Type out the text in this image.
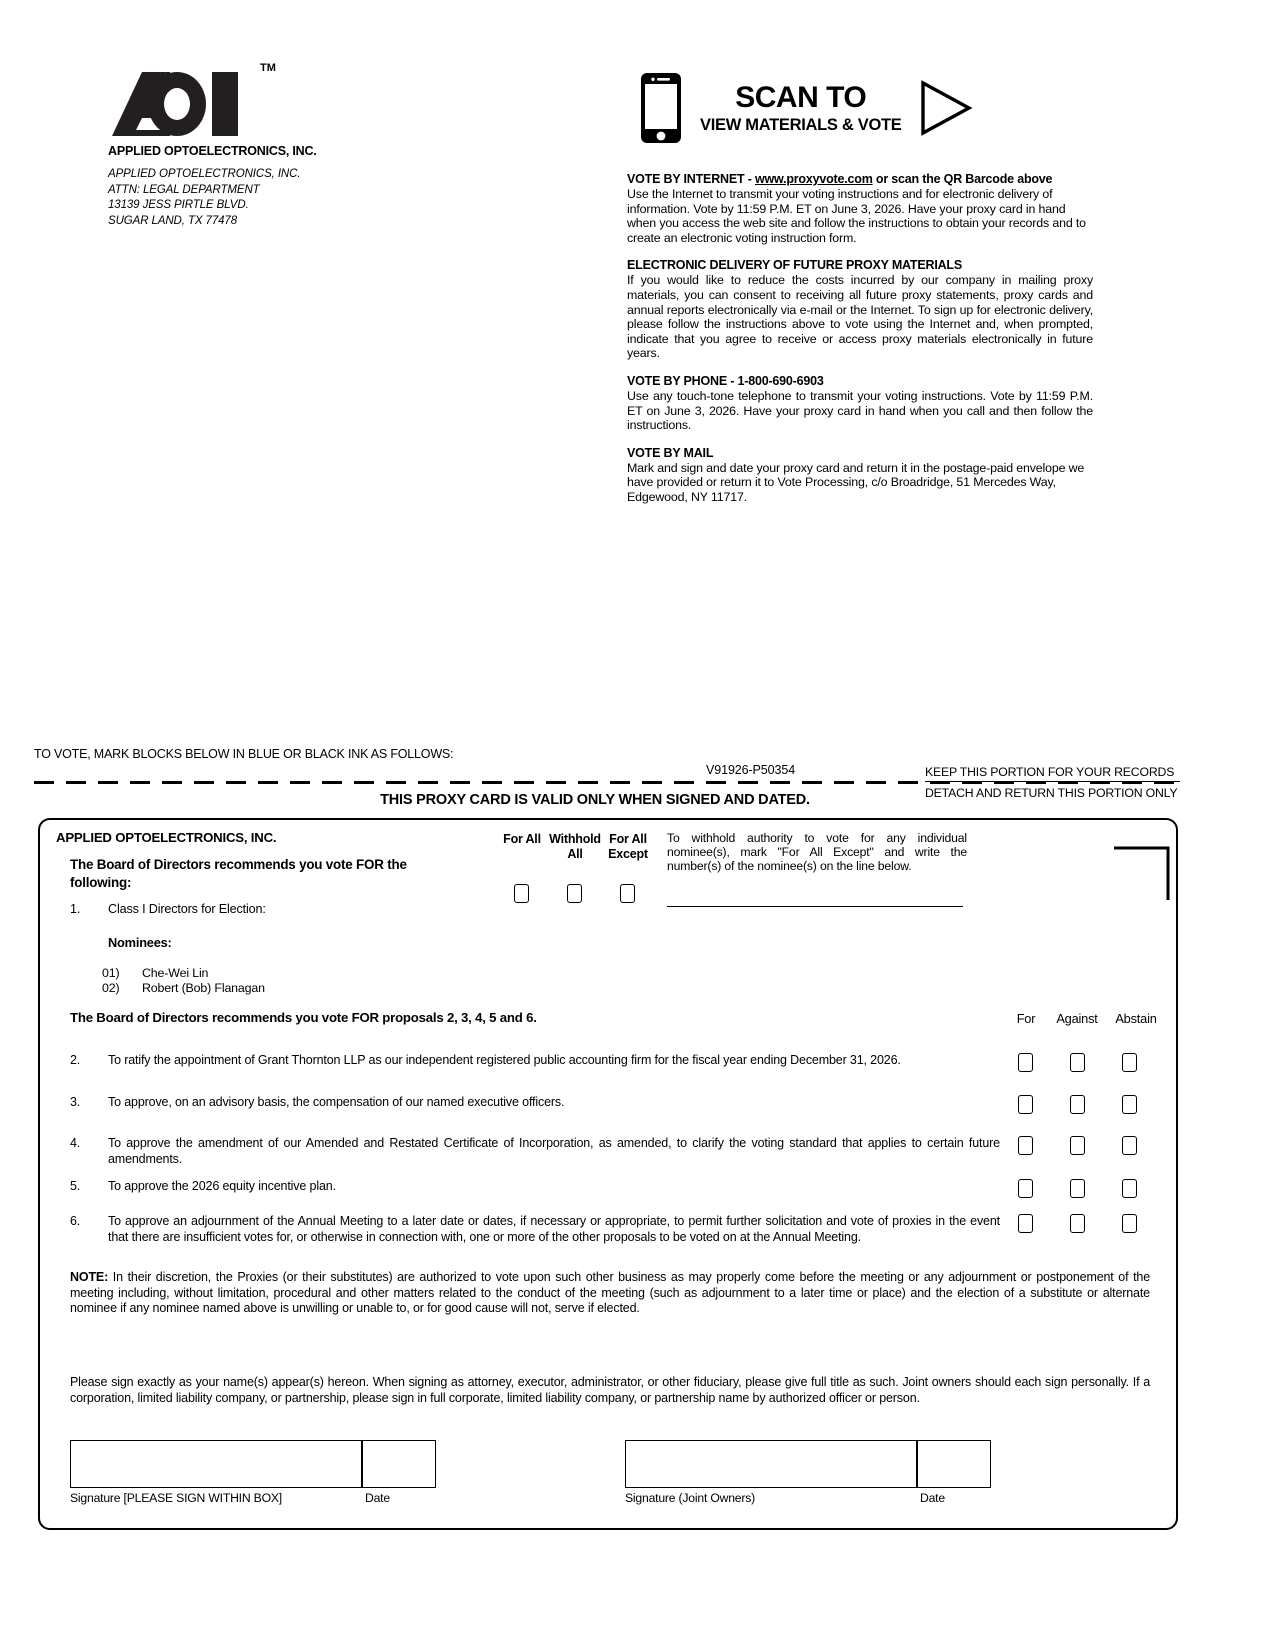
TM
APPLIED OPTOELECTRONICS, INC.
APPLIED OPTOELECTRONICS, INC.
ATTN: LEGAL DEPARTMENT
13139 JESS PIRTLE BLVD.
SUGAR LAND, TX 77478
SCAN TO
VIEW MATERIALS & VOTE
VOTE BY INTERNET - www.proxyvote.com or scan the QR Barcode above

Use the Internet to transmit your voting instructions and for electronic delivery of information. Vote by 11:59 P.M. ET on June 3, 2026. Have your proxy card in hand when you access the web site and follow the instructions to obtain your records and to create an electronic voting instruction form.

ELECTRONIC DELIVERY OF FUTURE PROXY MATERIALS

If you would like to reduce the costs incurred by our company in mailing proxy materials, you can consent to receiving all future proxy statements, proxy cards and annual reports electronically via e-mail or the Internet. To sign up for electronic delivery, please follow the instructions above to vote using the Internet and, when prompted, indicate that you agree to receive or access proxy materials electronically in future years.

VOTE BY PHONE - 1-800-690-6903

Use any touch-tone telephone to transmit your voting instructions. Vote by 11:59 P.M. ET on June 3, 2026. Have your proxy card in hand when you call and then follow the instructions.

VOTE BY MAIL

Mark and sign and date your proxy card and return it in the postage-paid envelope we have provided or return it to Vote Processing, c/o Broadridge, 51 Mercedes Way, Edgewood, NY 11717.

TO VOTE, MARK BLOCKS BELOW IN BLUE OR BLACK INK AS FOLLOWS:
V91926-P50354	KEEP THIS PORTION FOR YOUR RECORDS
DETACH AND RETURN THIS PORTION ONLY
THIS PROXY CARD IS VALID ONLY WHEN SIGNED AND DATED.
APPLIED OPTOELECTRONICS, INC.
The Board of Directors recommends you vote FOR the following:
For All Withhold All
For All Except
1. Class I Directors for Election:
Nominees:
01) Che-Wei Lin
02) Robert (Bob) Flanagan
To withhold authority to vote for any individual nominee(s), mark "For All Except" and write the number(s) of the nominee(s) on the line below.
The Board of Directors recommends you vote FOR proposals 2, 3, 4, 5 and 6.	For	Against	Abstain
2. To ratify the appointment of Grant Thornton LLP as our independent registered public accounting firm for the fiscal year ending December 31, 2026.
3. To approve, on an advisory basis, the compensation of our named executive officers.
4. To approve the amendment of our Amended and Restated Certificate of Incorporation, as amended, to clarify the voting standard that applies to certain future amendments.
5. To approve the 2026 equity incentive plan.
6. To approve an adjournment of the Annual Meeting to a later date or dates, if necessary or appropriate, to permit further solicitation and vote of proxies in the event that there are insufficient votes for, or otherwise in connection with, one or more of the other proposals to be voted on at the Annual Meeting.
NOTE: In their discretion, the Proxies (or their substitutes) are authorized to vote upon such other business as may properly come before the meeting or any adjournment or postponement of the meeting including, without limitation, procedural and other matters related to the conduct of the meeting (such as adjournment to a later time or place) and the election of a substitute or alternate nominee if any nominee named above is unwilling or unable to, or for good cause will not, serve if elected.
Please sign exactly as your name(s) appear(s) hereon. When signing as attorney, executor, administrator, or other fiduciary, please give full title as such. Joint owners should each sign personally. If a corporation, limited liability company, or partnership, please sign in full corporate, limited liability company, or partnership name by authorized officer or person.
Signature [PLEASE SIGN WITHIN BOX]	Date	Signature (Joint Owners)	Date
